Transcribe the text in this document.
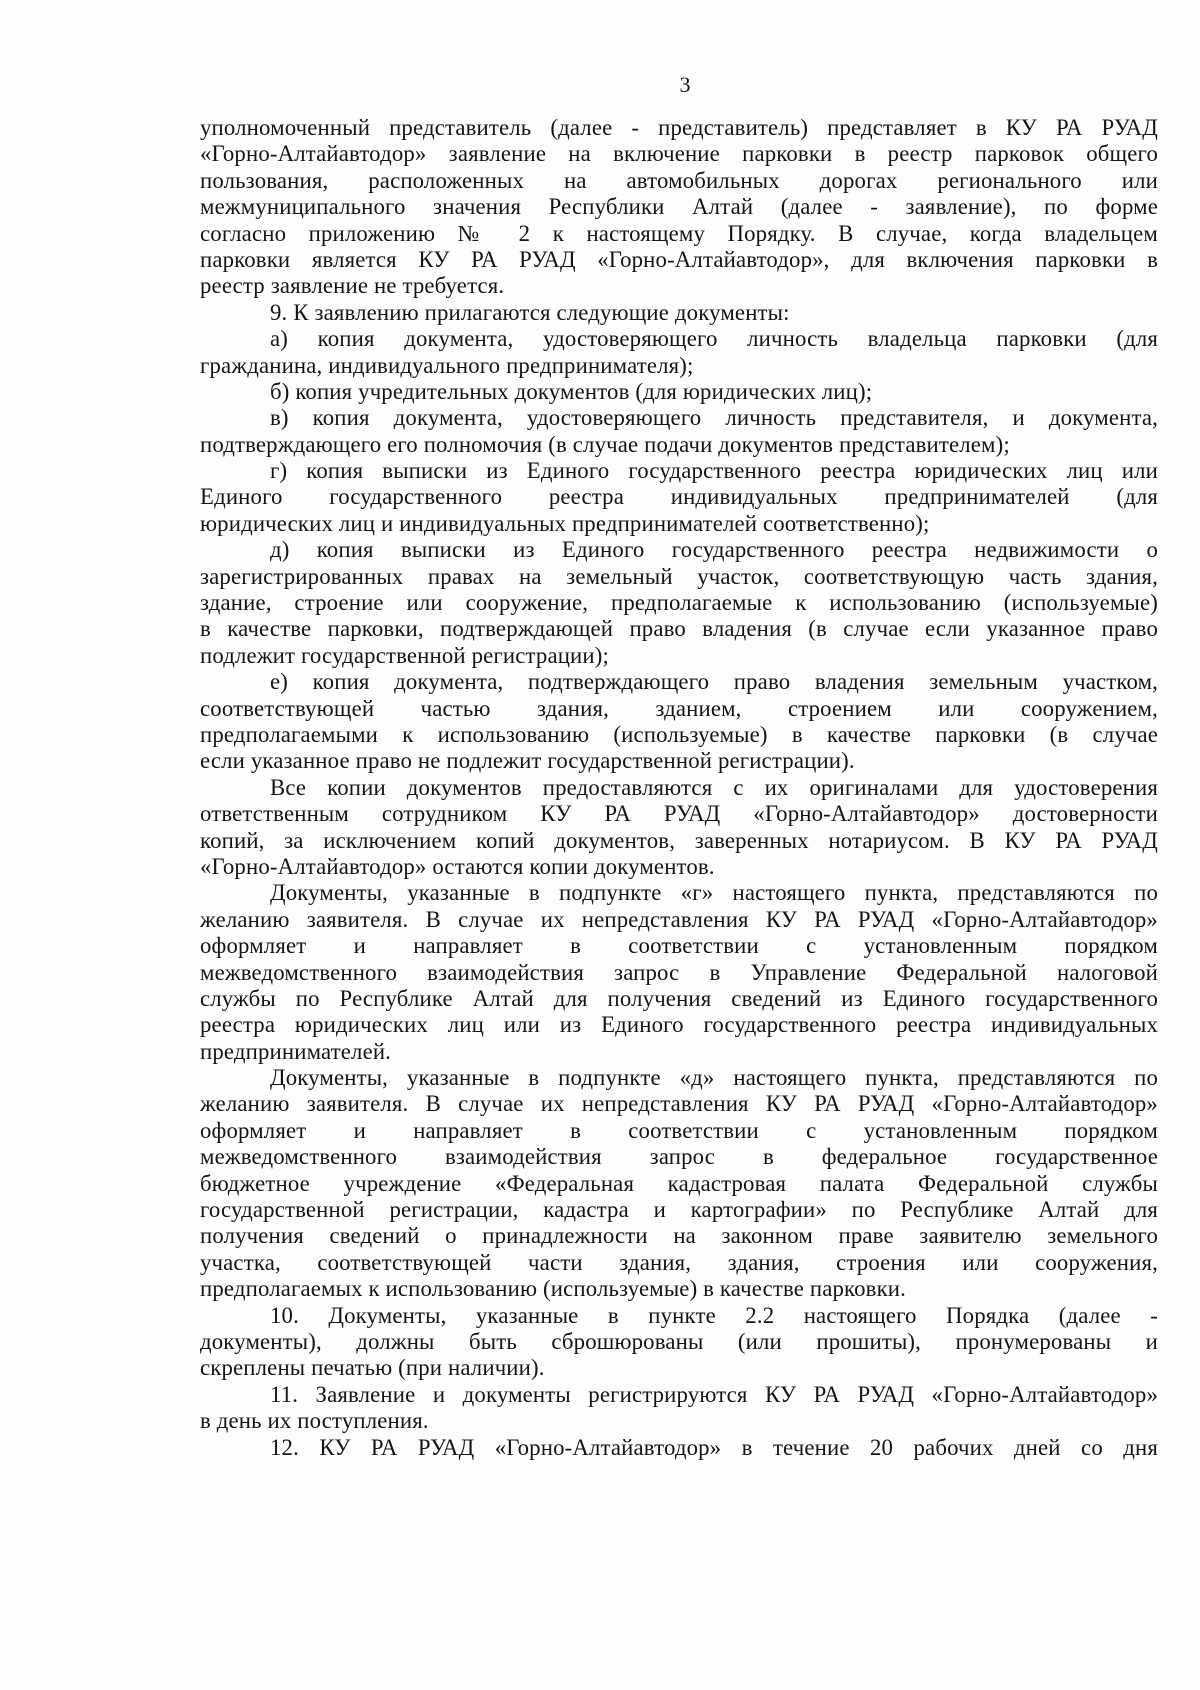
3
уполномоченный представитель (далее - представитель) представляет в КУ РА РУАД
«Горно-Алтайавтодор» заявление на включение парковки в реестр парковок общего
пользования, расположенных на автомобильных дорогах регионального или
межмуниципального значения Республики Алтай (далее - заявление), по форме
согласно приложению № 2 к настоящему Порядку. В случае, когда владельцем
парковки является КУ РА РУАД «Горно-Алтайавтодор», для включения парковки в
реестр заявление не требуется.
9. К заявлению прилагаются следующие документы:
а) копия документа, удостоверяющего личность владельца парковки (для
гражданина, индивидуального предпринимателя);
б) копия учредительных документов (для юридических лиц);
в) копия документа, удостоверяющего личность представителя, и документа,
подтверждающего его полномочия (в случае подачи документов представителем);
г) копия выписки из Единого государственного реестра юридических лиц или
Единого государственного реестра индивидуальных предпринимателей (для
юридических лиц и индивидуальных предпринимателей соответственно);
д) копия выписки из Единого государственного реестра недвижимости о
зарегистрированных правах на земельный участок, соответствующую часть здания,
здание, строение или сооружение, предполагаемые к использованию (используемые)
в качестве парковки, подтверждающей право владения (в случае если указанное право
подлежит государственной регистрации);
е) копия документа, подтверждающего право владения земельным участком,
соответствующей частью здания, зданием, строением или сооружением,
предполагаемыми к использованию (используемые) в качестве парковки (в случае
если указанное право не подлежит государственной регистрации).
Все копии документов предоставляются с их оригиналами для удостоверения
ответственным сотрудником КУ РА РУАД «Горно-Алтайавтодор» достоверности
копий, за исключением копий документов, заверенных нотариусом. В КУ РА РУАД
«Горно-Алтайавтодор» остаются копии документов.
Документы, указанные в подпункте «г» настоящего пункта, представляются по
желанию заявителя. В случае их непредставления КУ РА РУАД «Горно-Алтайавтодор»
оформляет и направляет в соответствии с установленным порядком
межведомственного взаимодействия запрос в Управление Федеральной налоговой
службы по Республике Алтай для получения сведений из Единого государственного
реестра юридических лиц или из Единого государственного реестра индивидуальных
предпринимателей.
Документы, указанные в подпункте «д» настоящего пункта, представляются по
желанию заявителя. В случае их непредставления КУ РА РУАД «Горно-Алтайавтодор»
оформляет и направляет в соответствии с установленным порядком
межведомственного взаимодействия запрос в федеральное государственное
бюджетное учреждение «Федеральная кадастровая палата Федеральной службы
государственной регистрации, кадастра и картографии» по Республике Алтай для
получения сведений о принадлежности на законном праве заявителю земельного
участка, соответствующей части здания, здания, строения или сооружения,
предполагаемых к использованию (используемые) в качестве парковки.
10. Документы, указанные в пункте 2.2 настоящего Порядка (далее -
документы), должны быть сброшюрованы (или прошиты), пронумерованы и
скреплены печатью (при наличии).
11. Заявление и документы регистрируются КУ РА РУАД «Горно-Алтайавтодор»
в день их поступления.
12. КУ РА РУАД «Горно-Алтайавтодор» в течение 20 рабочих дней со дня
